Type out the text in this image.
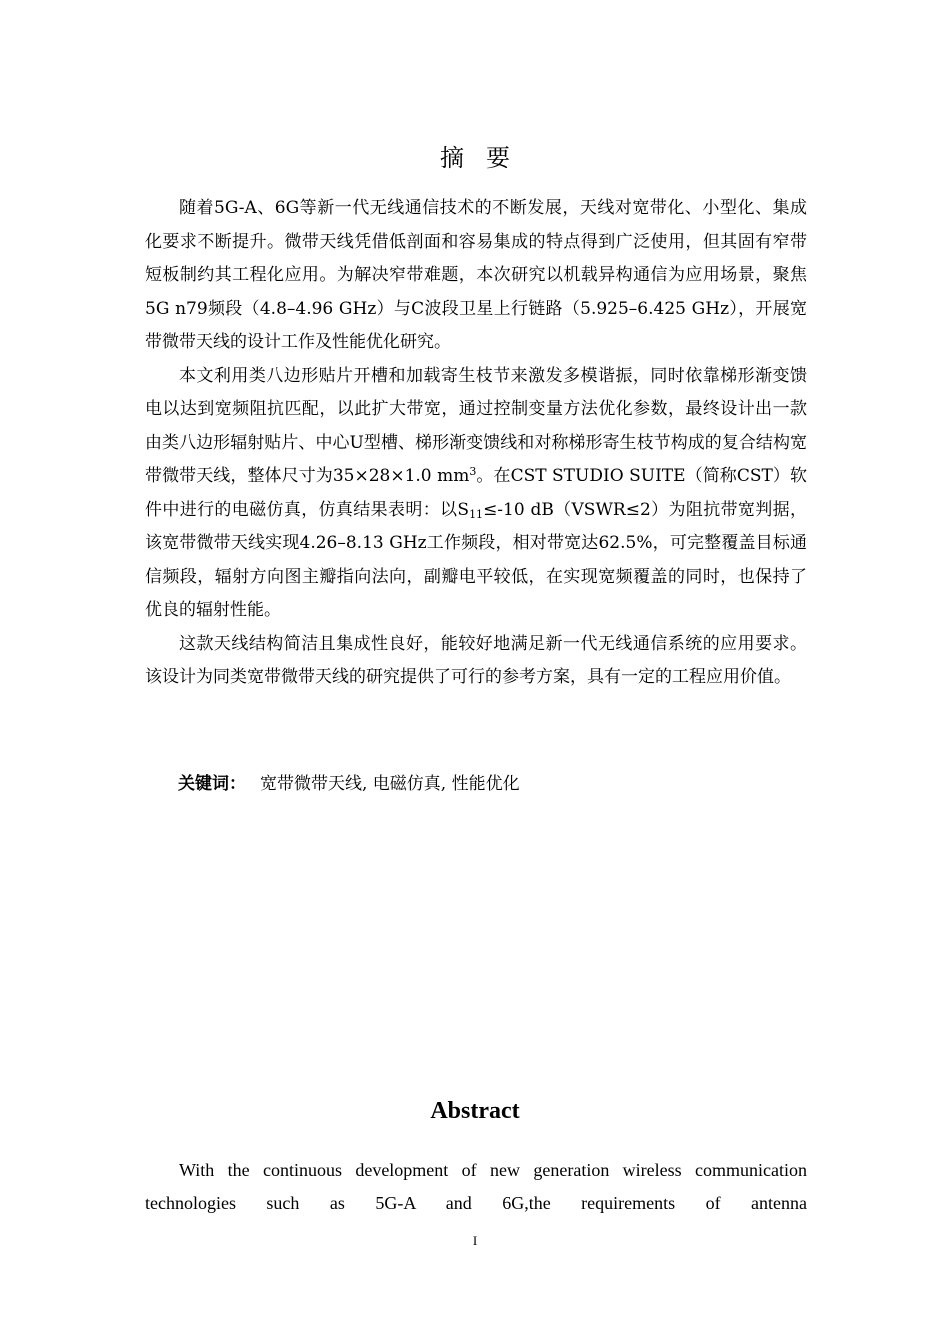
摘要

随着5G-A、6G等新一代无线通信技术的不断发展，天线对宽带化、小型化、集成化要求不断提升。微带天线凭借低剖面和容易集成的特点得到广泛使用，但其固有窄带短板制约其工程化应用。为解决窄带难题，本次研究以机载异构通信为应用场景，聚焦5G n79频段（4.8–4.96 GHz）与C波段卫星上行链路（5.925–6.425 GHz），开展宽带微带天线的设计工作及性能优化研究。

本文利用类八边形贴片开槽和加载寄生枝节来激发多模谐振，同时依靠梯形渐变馈电以达到宽频阻抗匹配，以此扩大带宽，通过控制变量方法优化参数，最终设计出一款由类八边形辐射贴片、中心U型槽、梯形渐变馈线和对称梯形寄生枝节构成的复合结构宽带微带天线，整体尺寸为35×28×1.0 $mm^3$。在CST STUDIO SUITE（简称CST）软件中进行的电磁仿真，仿真结果表明：以$S_{11}\le-10$ dB（VSWR≤2）为阻抗带宽判据，该宽带微带天线实现4.26–8.13 GHz工作频段，相对带宽达62.5%，可完整覆盖目标通信频段，辐射方向图主瓣指向法向，副瓣电平较低，在实现宽频覆盖的同时，也保持了优良的辐射性能。

这款天线结构简洁且集成性良好，能较好地满足新一代无线通信系统的应用要求。该设计为同类宽带微带天线的研究提供了可行的参考方案，具有一定的工程应用价值。

关键词： 宽带微带天线, 电磁仿真, 性能优化
Abstract

With the continuous development of new generation wireless communication technologies such as 5G-A and 6G,the requirements of antenna

I
